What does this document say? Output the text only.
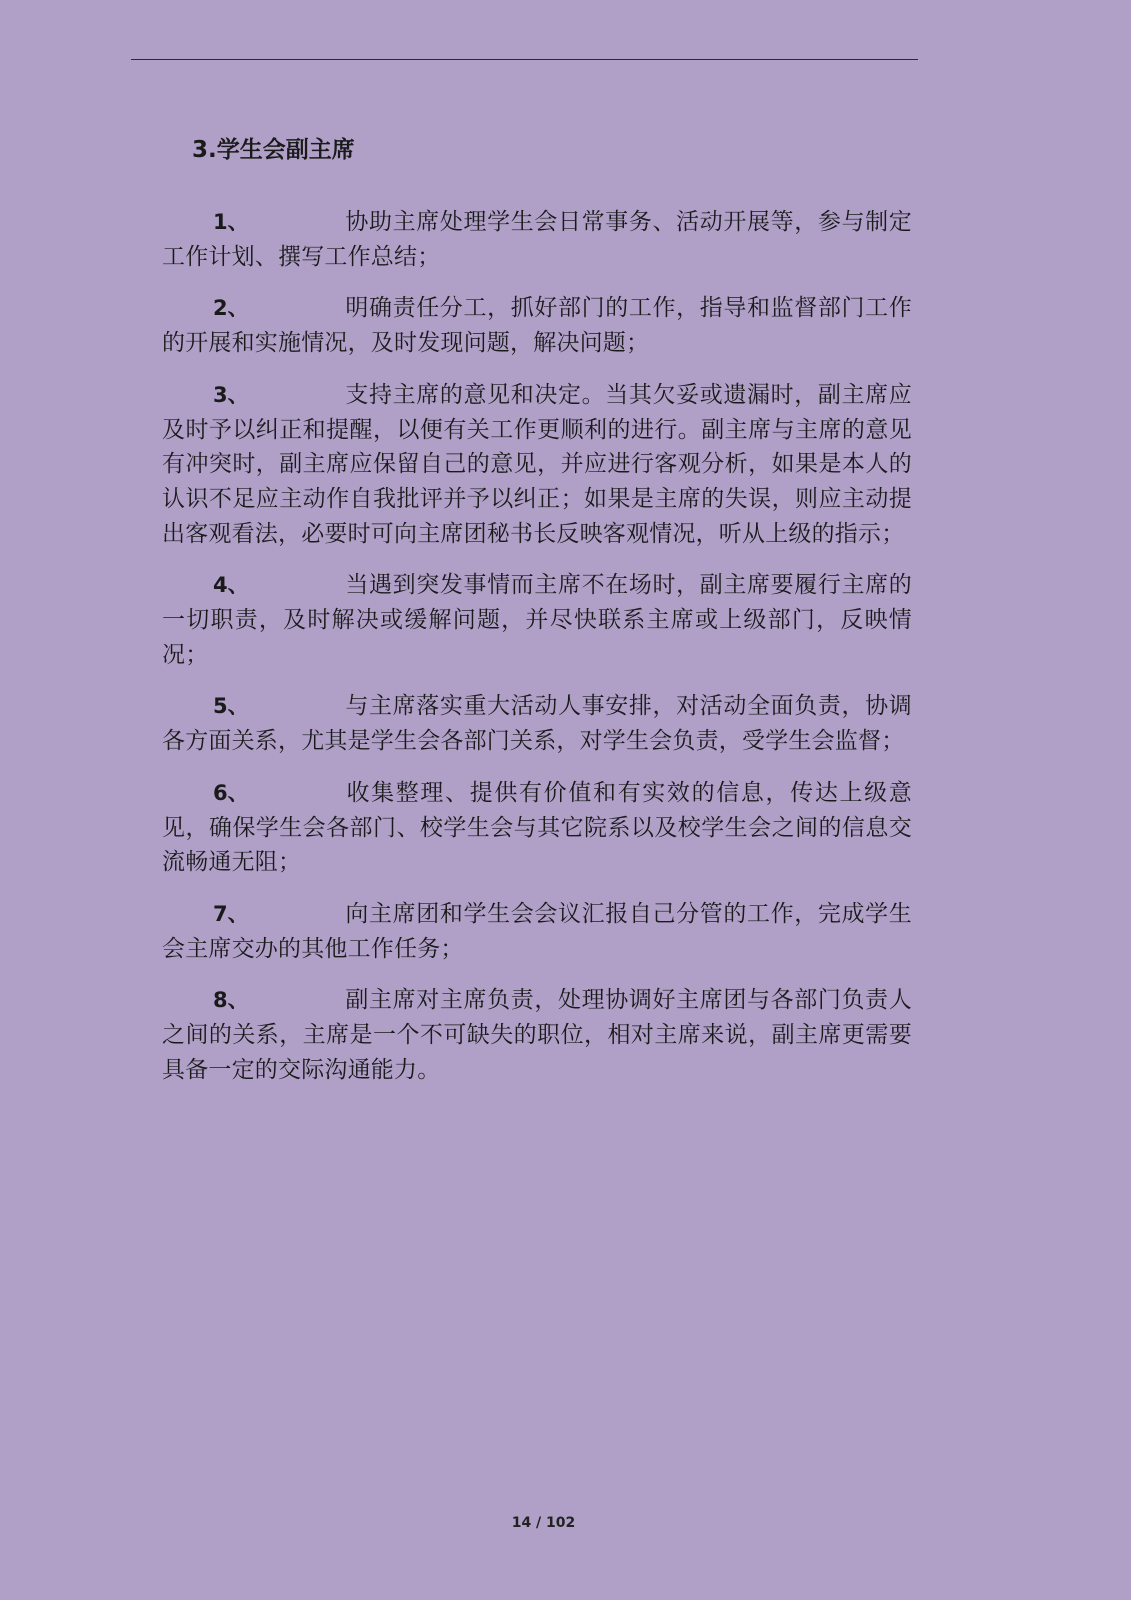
3.学生会副主席

1、	协助主席处理学生会日常事务、活动开展等，参与制定工作计划、撰写工作总结；

2、	明确责任分工，抓好部门的工作，指导和监督部门工作的开展和实施情况，及时发现问题，解决问题；

3、	支持主席的意见和决定。当其欠妥或遗漏时，副主席应及时予以纠正和提醒，以便有关工作更顺利的进行。副主席与主席的意见有冲突时，副主席应保留自己的意见，并应进行客观分析，如果是本人的认识不足应主动作自我批评并予以纠正；如果是主席的失误，则应主动提出客观看法，必要时可向主席团秘书长反映客观情况，听从上级的指示；

4、	当遇到突发事情而主席不在场时，副主席要履行主席的一切职责，及时解决或缓解问题，并尽快联系主席或上级部门，反映情况；

5、	与主席落实重大活动人事安排，对活动全面负责，协调各方面关系，尤其是学生会各部门关系，对学生会负责，受学生会监督；

6、	收集整理、提供有价值和有实效的信息，传达上级意见，确保学生会各部门、校学生会与其它院系以及校学生会之间的信息交流畅通无阻；

7、	向主席团和学生会会议汇报自己分管的工作，完成学生会主席交办的其他工作任务；

8、	副主席对主席负责，处理协调好主席团与各部门负责人之间的关系，主席是一个不可缺失的职位，相对主席来说，副主席更需要具备一定的交际沟通能力。

14 / 102
